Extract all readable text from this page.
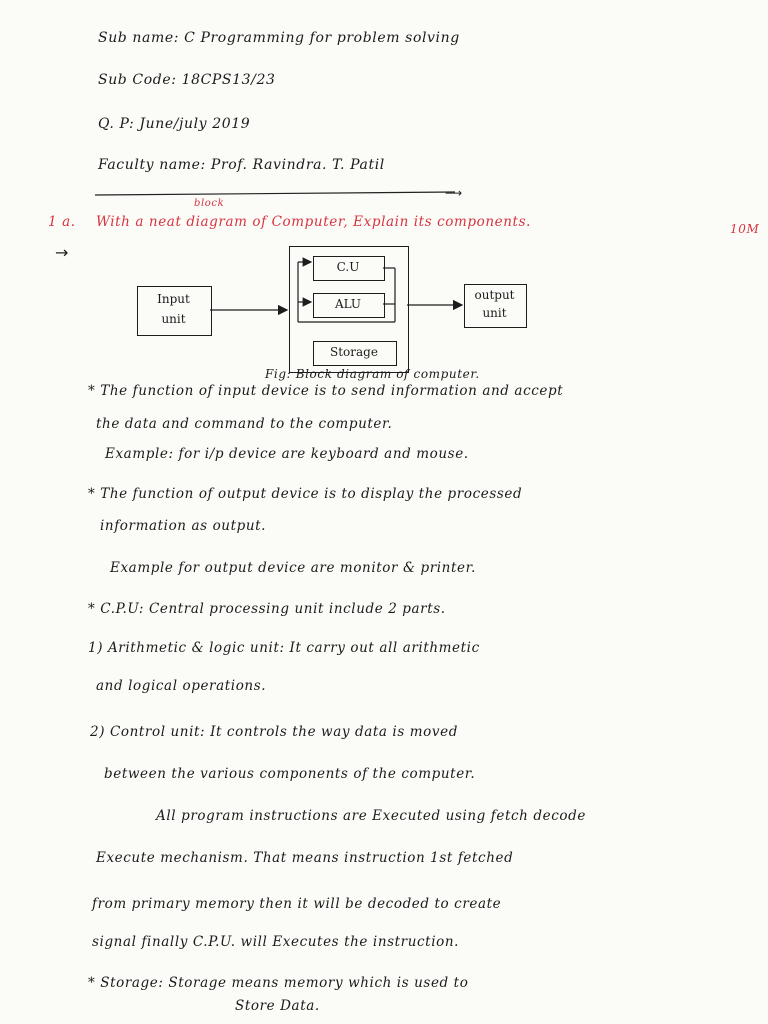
Sub name: C Programming for problem solving
Sub Code: 18CPS13/23
Q. P: June/july 2019
Faculty name: Prof. Ravindra. T. Patil
⟶
→
block
1 a. With a neat diagram of Computer, Explain its components.	10M
Input
unit
C.U
ALU
Storage
output
unit
Fig: Block diagram of computer.
* The function of input device is to send information and accept
the data and command to the computer.
Example: for i/p device are keyboard and mouse.
* The function of output device is to display the processed
information as output.
Example for output device are monitor & printer.
* C.P.U: Central processing unit include 2 parts.
1) Arithmetic & logic unit: It carry out all arithmetic
and logical operations.
2) Control unit: It controls the way data is moved
between the various components of the computer.
All program instructions are Executed using fetch decode
Execute mechanism. That means instruction 1st fetched
from primary memory then it will be decoded to create
signal finally C.P.U. will Executes the instruction.
* Storage: Storage means memory which is used to
Store Data.
